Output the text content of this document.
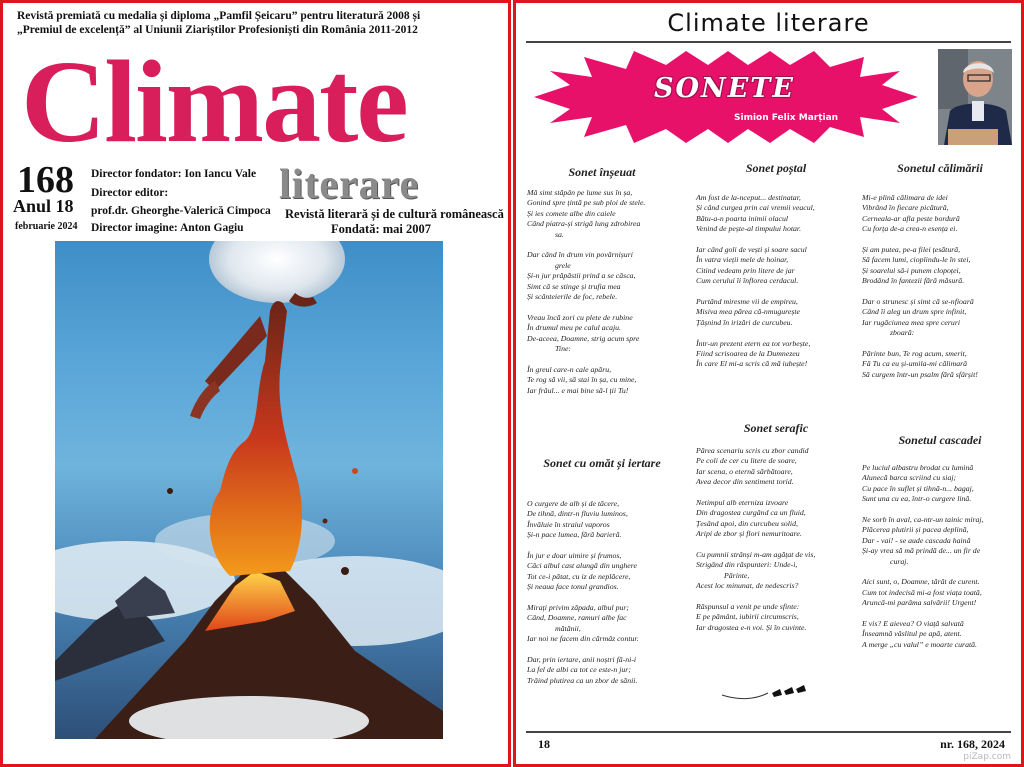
Revistă premiată cu medalia și diploma „Pamfil Șeicaru” pentru literatură 2008 și
„Premiul de excelență” al Uniunii Ziariștilor Profesioniști din România 2011-2012
Climate
168
Anul 18
februarie 2024
Director fondator: Ion Iancu Vale
Director editor:
prof.dr. Gheorghe-Valerică Cimpoca
Director imagine: Anton Gagiu
literare
Revistă literară și de cultură românească
Fondată: mai 2007
Climate literare
SONETE
Simion Felix Marțian
Sonet înșeuat
Mă simt stăpân pe lume sus în șa,
Gonind spre țintă pe sub ploi de stele.
Și ies comete albe din caiele
Când piatra-și strigă lung zdrobirea
sa.
Dar când în drum vin povârnișuri
grele
Și-n jur prăpăstii prind a se căsca,
Simt că se stinge și trufia mea
Și scânteierile de foc, rebele.
Vreau încă zori cu plete de rubine
În drumul meu pe calul acaju.
De-aceea, Doamne, strig acum spre
Tine:
În greul care-n cale apăru,
Te rog să vii, să stai în șa, cu mine,
Iar frâul... e mai bine să-l ții Tu!
Sonet cu omăt și iertare
O curgere de alb și de tăcere,
De tihnă, dintr-n fluviu luminos,
Învăluie în straiul vaporos
Și-n pace lumea, fără barieră.
În jur e doar uimire și frumos,
Căci albul cast alungă din unghere
Tot ce-i pătat, cu iz de neplăcere,
Și neaua face tonul grandios.
Mirați privim zăpada, albul pur;
Când, Doamne, ramuri albe fac
mătănii,
Iar noi ne facem din cărmâz contur.
Dar, prin iertare, anii noștri fă-ni-i
La fel de albi ca tot ce este-n jur;
Trăind plutirea ca un zbor de sănii.
Sonet poștal
Am fost de la-nceput... destinatar,
Și când curgea prin cai vremii veacul,
Bătu-a-n poarta inimii olacul
Venind de pește-al timpului hotar.
Iar când goli de vești și soare sacul
În vatra vieții mele de hoinar,
Citind vedeam prin litere de jar
Cum cerului îi înflorea cerdacul.
Purtând miresme vii de empireu,
Misiva mea părea că-nmugurește
Țâșnind în irizări de curcubeu.
Într-un prezent etern ea tot vorbește,
Fiind scrisoarea de la Dumnezeu
În care El mi-a scris că mă iubește!
Sonet serafic
Părea scenariu scris cu zbor candid
Pe coli de cer cu litere de soare,
Iar scena, o eternă sărbătoare,
Avea decor din sentiment torid.
Netimpul alb eterniza izvoare
Din dragostea curgând ca un fluid,
Țesând apoi, din curcubeu solid,
Aripi de zbor și flori nemuritoare.
Cu pumnii strânși m-am agățat de vis,
Strigând din răspunteri: Unde-i,
Părinte,
Acest loc minunat, de nedescris?
Răspunsul a venit pe unde sfinte:
E pe pământ, iubirii circumscris,
Iar dragostea e-n voi. Și în cuvinte.
Sonetul călimării
Mi-e plină călimara de idei
Vibrând în fiecare picătură,
Cerneala-ar afla peste bordură
Cu forța de-a crea-n esența ei.
Și am putea, pe-a filei țesătură,
Să facem lumi, cioplindu-le în stei,
Și soarelui să-i punem clopoței,
Brodând în fantezii fără măsură.
Dar o strunesc și simt că se-nfioară
Când îi aleg un drum spre infinit,
Iar rugăciunea mea spre ceruri
zboară:
Părinte bun, Te rog acum, smerit,
Fă Tu ca eu și-umila-mi călimară
Să curgem într-un psalm fără sfârșit!
Sonetul cascadei
Pe luciul albastru brodat cu lumină
Alunecă barca scriind cu siaj;
Cu pace în suflet și tihnă-n... bagaj,
Sunt una cu ea, într-o curgere lină.
Ne sorb în aval, ca-ntr-un tainic miraj,
Plăcerea plutirii și pacea deplină,
Dar - vai! - se aude cascada haină
Și-ay vrea să mă prindă de... un fir de
curaj.
Aici sunt, o, Doamne, târât de curent.
Cum tot indecisă mi-a fost viața toată,
Aruncă-mi parâma salvării! Urgent!
E vis? E aievea? O viață salvată
Înseamnă vâslitul pe apă, atent.
A merge „cu valul” e moarte curată.
18	nr. 168, 2024
piZap.com
